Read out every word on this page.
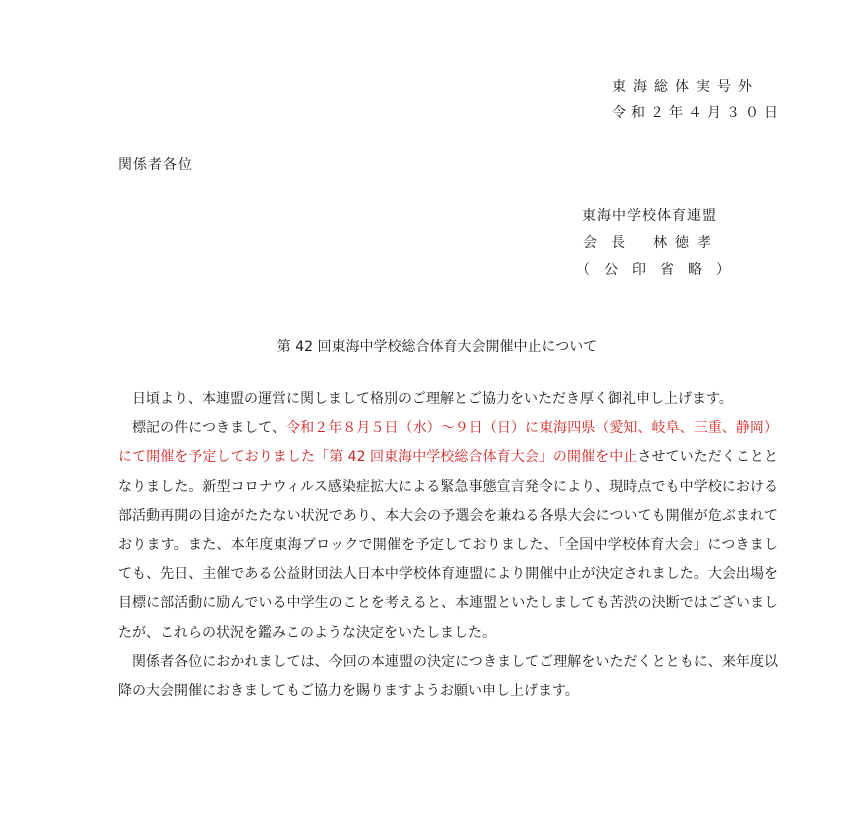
東海総体実号外
令和２年４月３０日
関係者各位
東海中学校体育連盟
会長 林徳孝
（公印省略）
第 42 回東海中学校総合体育大会開催中止について

日頃より、本連盟の運営に関しまして格別のご理解とご協力をいただき厚く御礼申し上げます。

標記の件につきまして、令和２年８月５日（水）〜９日（日）に東海四県（愛知、岐阜、三重、静岡）にて開催を予定しておりました「第 42 回東海中学校総合体育大会」の開催を中止させていただくこととなりました。新型コロナウィルス感染症拡大による緊急事態宣言発令により、現時点でも中学校における部活動再開の目途がたたない状況であり、本大会の予選会を兼ねる各県大会についても開催が危ぶまれております。また、本年度東海ブロックで開催を予定しておりました、「全国中学校体育大会」につきましても、先日、主催である公益財団法人日本中学校体育連盟により開催中止が決定されました。大会出場を目標に部活動に励んでいる中学生のことを考えると、本連盟といたしましても苦渋の決断ではございましたが、これらの状況を鑑みこのような決定をいたしました。

関係者各位におかれましては、今回の本連盟の決定につきましてご理解をいただくとともに、来年度以降の大会開催におきましてもご協力を賜りますようお願い申し上げます。
